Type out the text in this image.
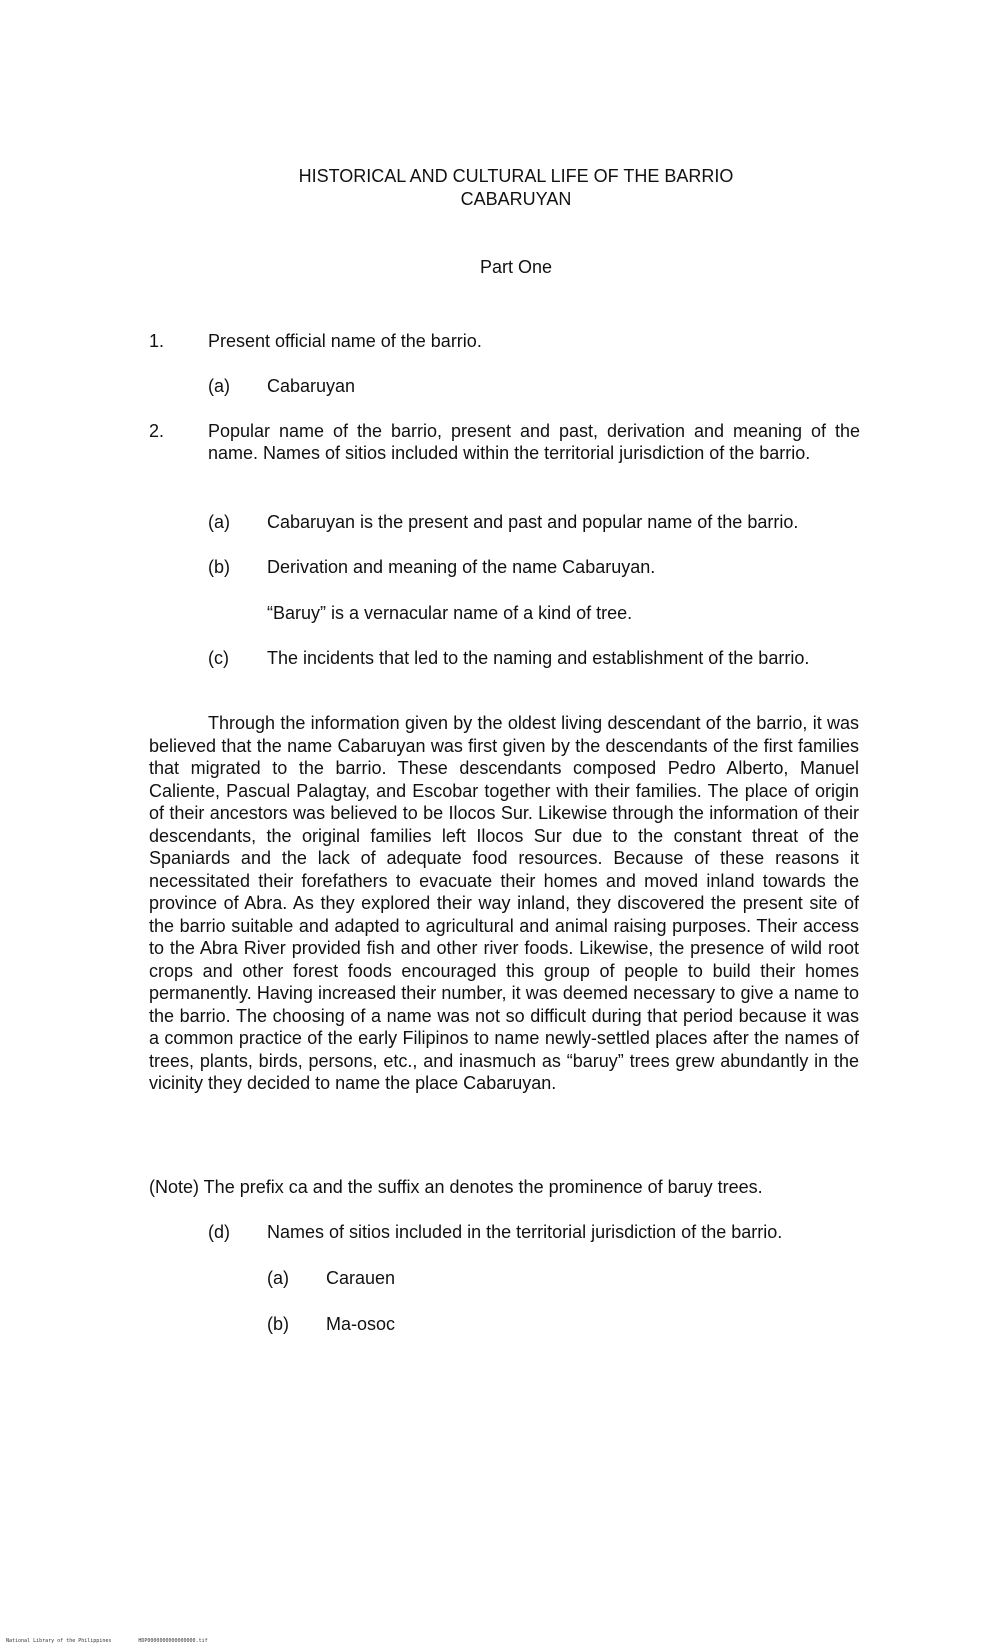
HISTORICAL AND CULTURAL LIFE OF THE BARRIO
CABARUYAN
Part One
1. Present official name of the barrio.
(a) Cabaruyan
2. Popular name of the barrio, present and past, derivation and meaning of the name. Names of sitios included within the territorial jurisdiction of the barrio.
(a) Cabaruyan is the present and past and popular name of the barrio.
(b) Derivation and meaning of the name Cabaruyan.
“Baruy” is a vernacular name of a kind of tree.
(c) The incidents that led to the naming and establishment of the barrio.
Through the information given by the oldest living descendant of the barrio, it was believed that the name Cabaruyan was first given by the descendants of the first families that migrated to the barrio. These descendants composed Pedro Alberto, Manuel Caliente, Pascual Palagtay, and Escobar together with their families. The place of origin of their ancestors was believed to be Ilocos Sur. Likewise through the information of their descendants, the original families left Ilocos Sur due to the constant threat of the Spaniards and the lack of adequate food resources. Because of these reasons it necessitated their forefathers to evacuate their homes and moved inland towards the province of Abra. As they explored their way inland, they discovered the present site of the barrio suitable and adapted to agricultural and animal raising purposes. Their access to the Abra River provided fish and other river foods. Likewise, the presence of wild root crops and other forest foods encouraged this group of people to build their homes permanently. Having increased their number, it was deemed necessary to give a name to the barrio. The choosing of a name was not so difficult during that period because it was a common practice of the early Filipinos to name newly-settled places after the names of trees, plants, birds, persons, etc., and inasmuch as “baruy” trees grew abundantly in the vicinity they decided to name the place Cabaruyan.
(Note) The prefix ca and the suffix an denotes the prominence of baruy trees.
(d) Names of sitios included in the territorial jurisdiction of the barrio.
(a) Carauen
(b) Ma-osoc
National Library of the Philippines	HDP0000000000000000.tif
